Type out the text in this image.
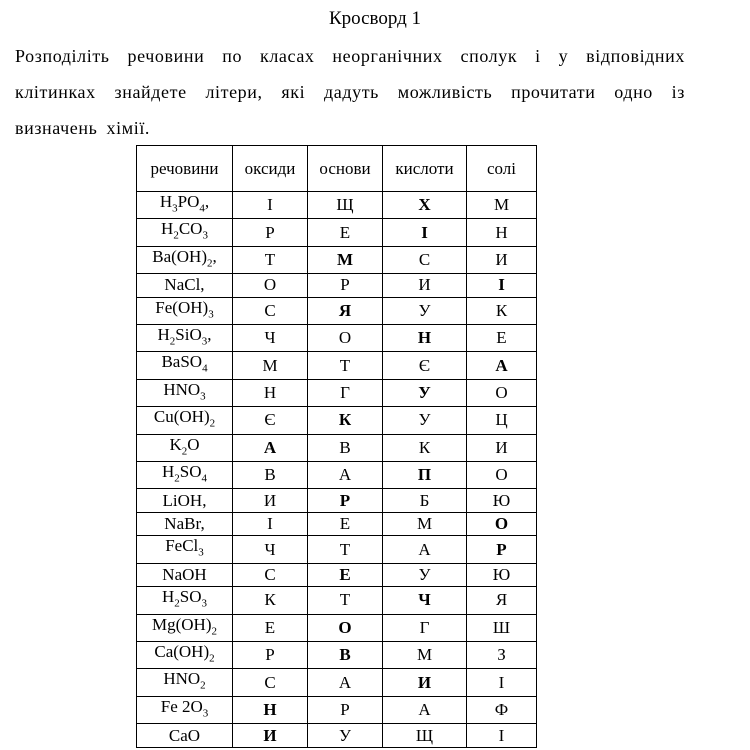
Кросворд 1
Розподіліть речовини по класах неорганічних сполук і у відповідних клітинках знайдете літери, які дадуть можливість прочитати одно із визначень хімії.
речовини	оксиди	основи	кислоти	солі
$H_3PO_4$,	І	Щ	Х	М
$H_2CO_3$	Р	Е	І	Н
$Ba(OH)_2$,	Т	М	С	И
NaCl,	О	Р	И	І
$Fe(OH)_3$	С	Я	У	К
$H_2SiO_3$,	Ч	О	Н	Е
BaSO$_4$	М	Т	Є	А
$HNO_3$	Н	Г	У	О
$Cu(OH)_2$	Є	К	У	Ц
$K_2O$	А	В	К	И
$H_2SO_4$	В	А	П	О
LiOH,	И	Р	Б	Ю
NaBr,	І	Е	М	О
FeCl$_3$	Ч	Т	А	Р
NaOH	С	Е	У	Ю
$H_2SO_3$	К	Т	Ч	Я
$Mg(OH)_2$	Е	О	Г	Ш
$Ca(OH)_2$	Р	В	М	З
$HNO_2$	С	А	И	І
Fe $2O_3$	Н	Р	А	Ф
CaO	И	У	Щ	І
